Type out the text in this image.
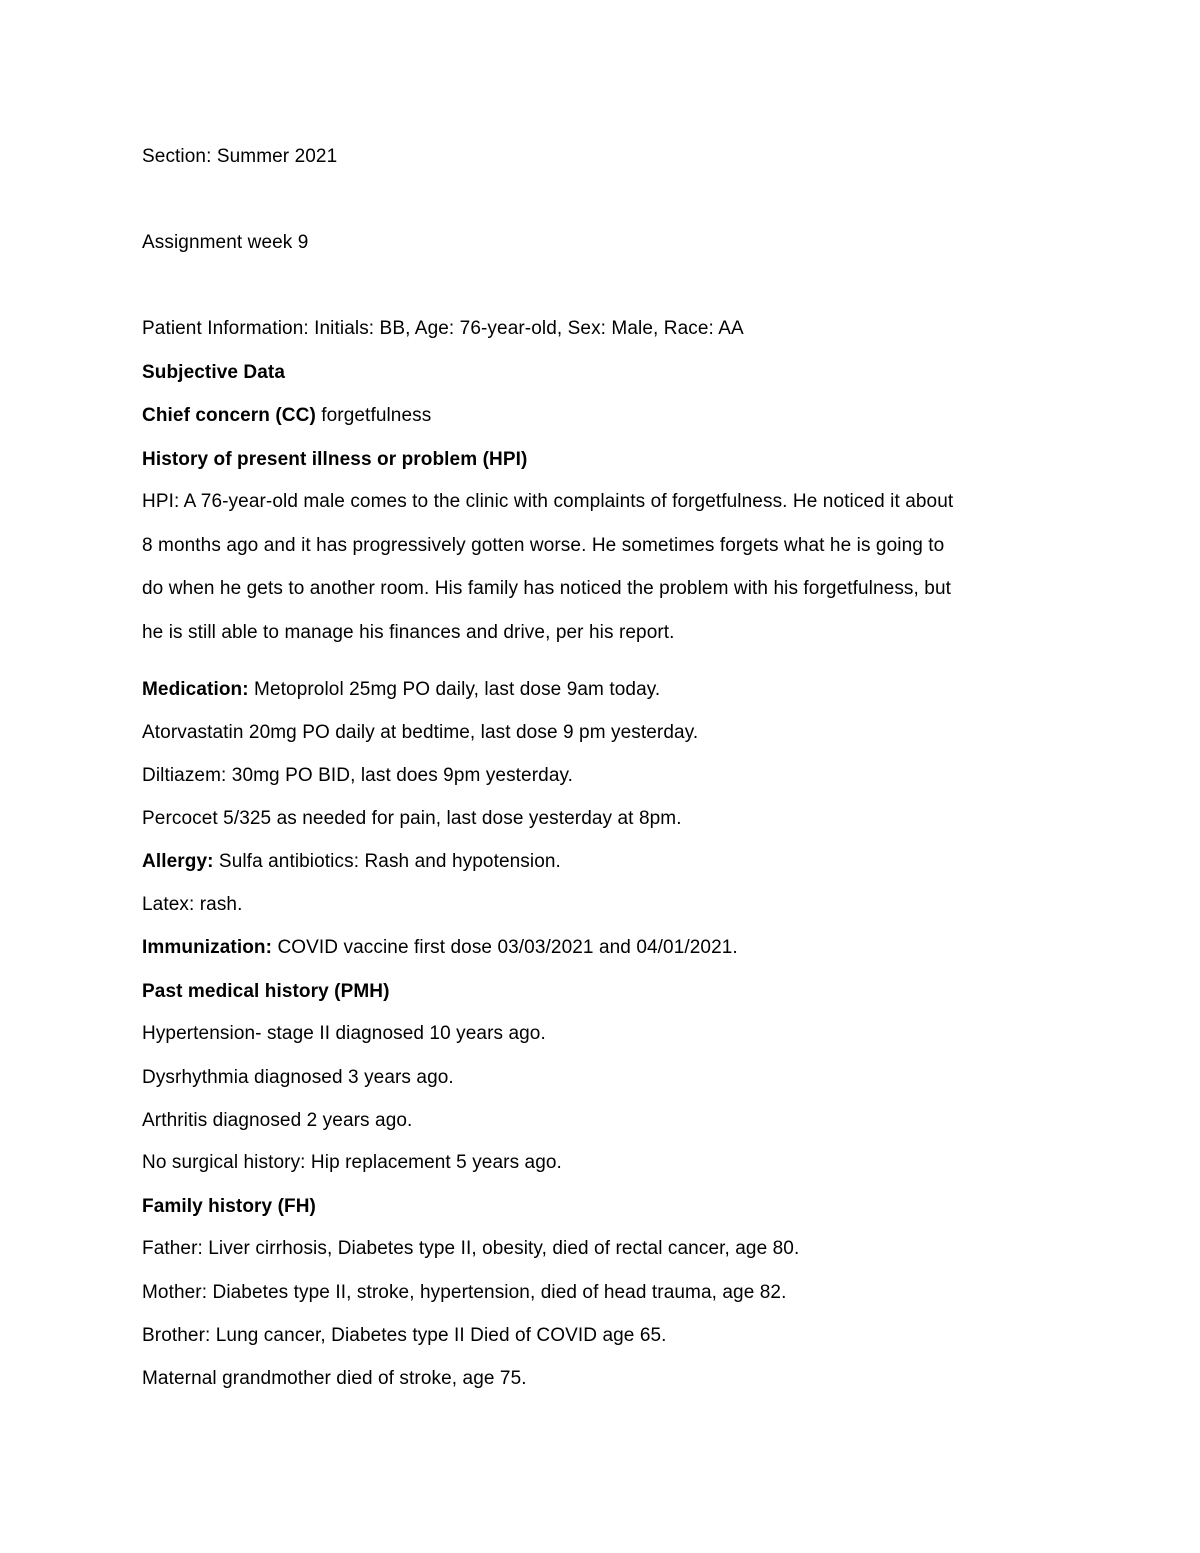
Section: Summer 2021
Assignment week 9
Patient Information: Initials: BB, Age: 76-year-old, Sex: Male, Race: AA
Subjective Data
Chief concern (CC) forgetfulness
History of present illness or problem (HPI)
HPI: A 76-year-old male comes to the clinic with complaints of forgetfulness. He noticed it about
8 months ago and it has progressively gotten worse. He sometimes forgets what he is going to
do when he gets to another room. His family has noticed the problem with his forgetfulness, but
he is still able to manage his finances and drive, per his report.
Medication: Metoprolol 25mg PO daily, last dose 9am today.
Atorvastatin 20mg PO daily at bedtime, last dose 9 pm yesterday.
Diltiazem: 30mg PO BID, last does 9pm yesterday.
Percocet 5/325 as needed for pain, last dose yesterday at 8pm.
Allergy: Sulfa antibiotics: Rash and hypotension.
Latex: rash.
Immunization: COVID vaccine first dose 03/03/2021 and 04/01/2021.
Past medical history (PMH)
Hypertension- stage II diagnosed 10 years ago.
Dysrhythmia diagnosed 3 years ago.
Arthritis diagnosed 2 years ago.
No surgical history: Hip replacement 5 years ago.
Family history (FH)
Father: Liver cirrhosis, Diabetes type II, obesity, died of rectal cancer, age 80.
Mother: Diabetes type II, stroke, hypertension, died of head trauma, age 82.
Brother: Lung cancer, Diabetes type II Died of COVID age 65.
Maternal grandmother died of stroke, age 75.
